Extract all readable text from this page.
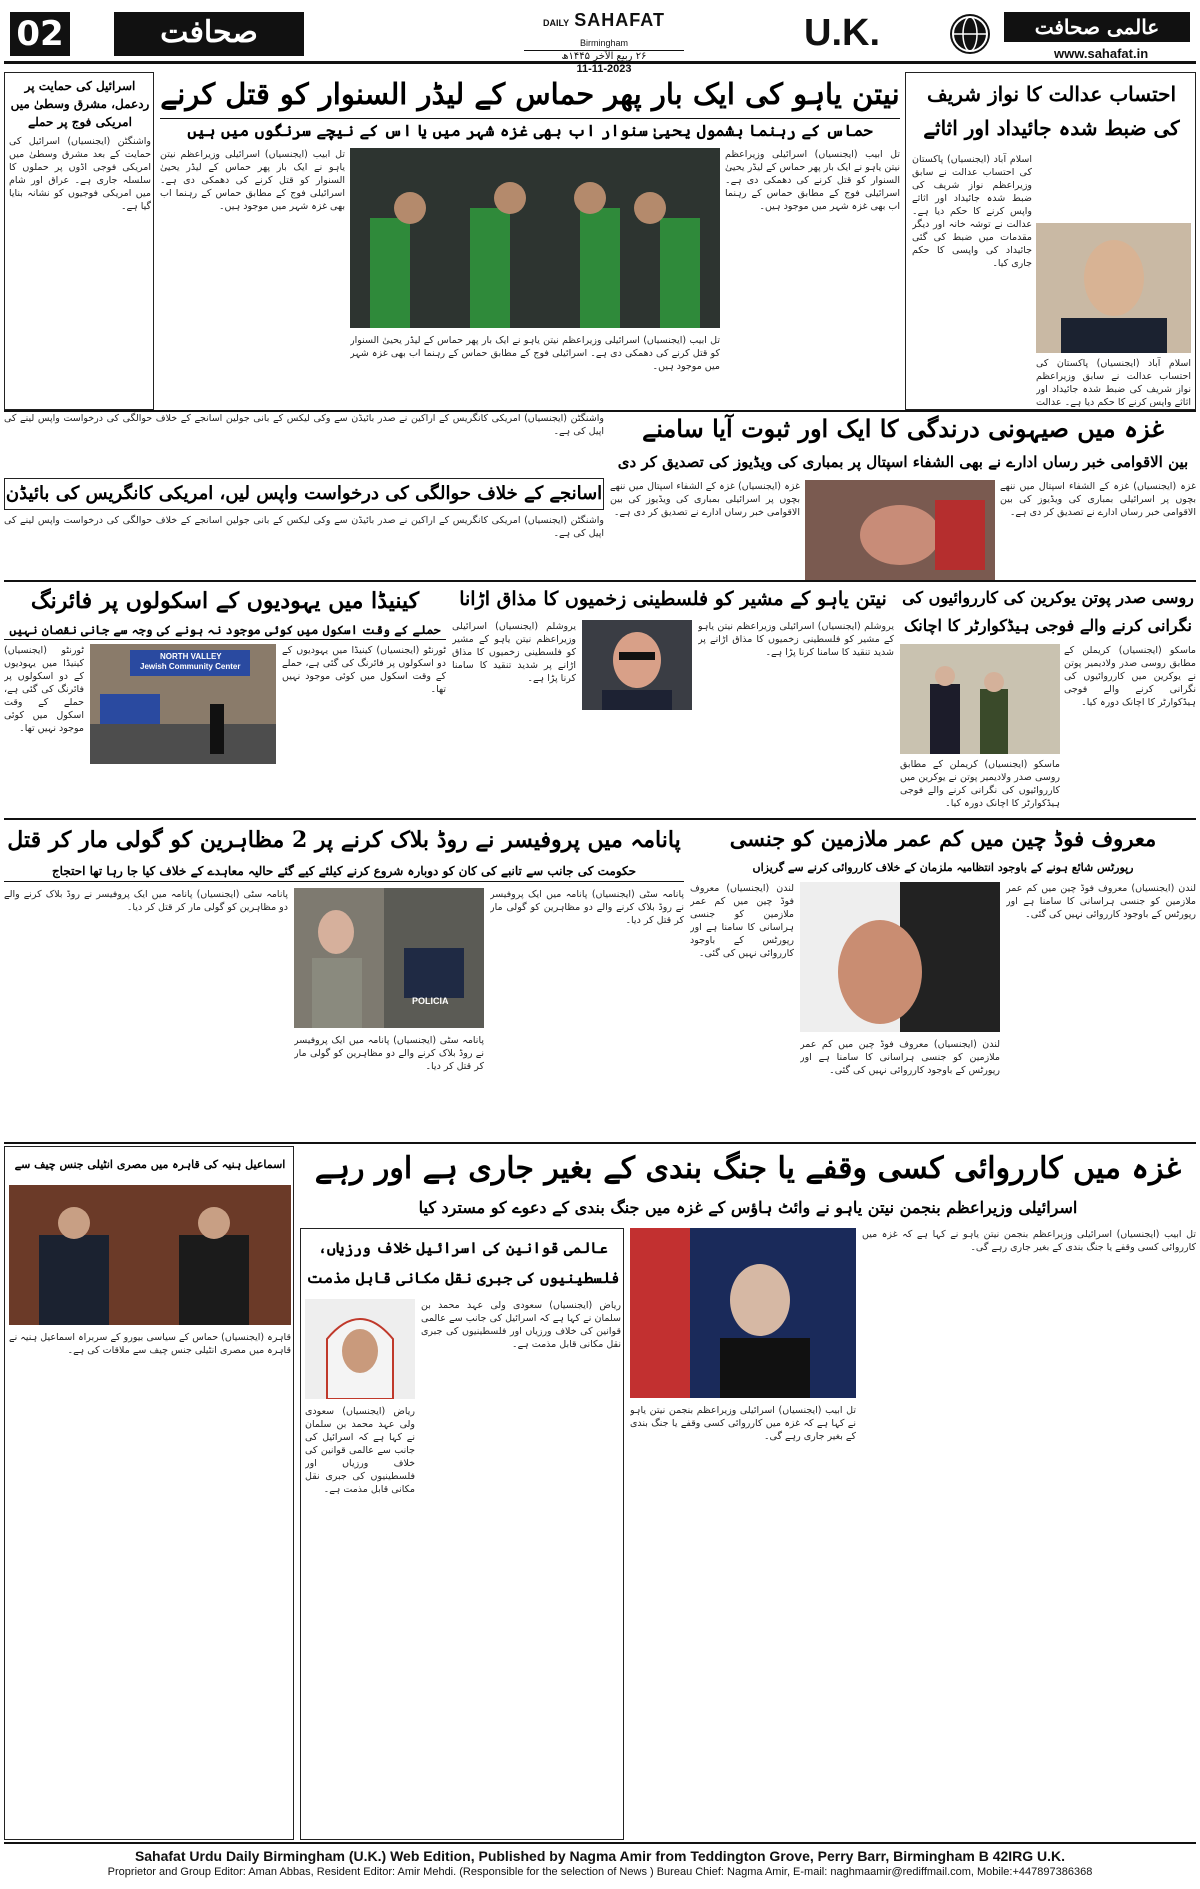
02	صحافت	DAILY SAHAFAT Birmingham
۲۶ ربیع الآخر ۱۴۴۵ھ
11-11-2023
U.K.	عالمی صحافت
www.sahafat.in
احتساب عدالت کا نواز شریف کی ضبط شدہ جائیداد اور اثاثے
اسلام آباد (ایجنسیاں) پاکستان کی احتساب عدالت نے سابق وزیراعظم نواز شریف کی ضبط شدہ جائیداد اور اثاثے واپس کرنے کا حکم دیا ہے۔ عدالت نے توشہ خانہ اور دیگر مقدمات میں ضبط کی گئی جائیداد کی واپسی کا حکم جاری کیا۔
اسلام آباد (ایجنسیاں) پاکستان کی احتساب عدالت نے سابق وزیراعظم نواز شریف کی ضبط شدہ جائیداد اور اثاثے واپس کرنے کا حکم دیا ہے۔ عدالت
نیتن یاہو کی ایک بار پھر حماس کے لیڈر السنوار کو قتل کرنے
حماس کے رہنما بشمول یحییٰ سنوار اب بھی غزہ شہر میں یا اس کے نیچے سرنگوں میں ہیں
تل ابیب (ایجنسیاں) اسرائیلی وزیراعظم نیتن یاہو نے ایک بار پھر حماس کے لیڈر یحییٰ السنوار کو قتل کرنے کی دھمکی دی ہے۔ اسرائیلی فوج کے مطابق حماس کے رہنما اب بھی غزہ شہر میں موجود ہیں۔
تل ابیب (ایجنسیاں) اسرائیلی وزیراعظم نیتن یاہو نے ایک بار پھر حماس کے لیڈر یحییٰ السنوار کو قتل کرنے کی دھمکی دی ہے۔ اسرائیلی فوج کے مطابق حماس کے رہنما اب بھی غزہ شہر میں موجود ہیں۔
تل ابیب (ایجنسیاں) اسرائیلی وزیراعظم نیتن یاہو نے ایک بار پھر حماس کے لیڈر یحییٰ السنوار کو قتل کرنے کی دھمکی دی ہے۔ اسرائیلی فوج کے مطابق حماس کے رہنما اب بھی غزہ شہر میں موجود ہیں۔
اسرائیل کی حمایت پر ردعمل، مشرق وسطیٰ میں امریکی فوج پر حملے
واشنگٹن (ایجنسیاں) اسرائیل کی حمایت کے بعد مشرق وسطیٰ میں امریکی فوجی اڈوں پر حملوں کا سلسلہ جاری ہے۔ عراق اور شام میں امریکی فوجیوں کو نشانہ بنایا گیا ہے۔
غزہ میں صیہونی درندگی کا ایک اور ثبوت آیا سامنے
بین الاقوامی خبر رساں ادارے نے بھی الشفاء اسپتال پر بمباری کی ویڈیوز کی تصدیق کر دی
غزہ (ایجنسیاں) غزہ کے الشفاء اسپتال میں ننھے بچوں پر اسرائیلی بمباری کی ویڈیوز کی بین الاقوامی خبر رساں ادارے نے تصدیق کر دی ہے۔
غزہ (ایجنسیاں) غزہ کے الشفاء اسپتال میں ننھے بچوں پر اسرائیلی بمباری کی ویڈیوز کی بین الاقوامی خبر رساں ادارے نے تصدیق کر دی ہے۔
اسانجے کے خلاف حوالگی کی درخواست واپس لیں، امریکی کانگریس کی بائیڈن
واشنگٹن (ایجنسیاں) امریکی کانگریس کے اراکین نے صدر بائیڈن سے وکی لیکس کے بانی جولین اسانجے کے خلاف حوالگی کی درخواست واپس لینے کی اپیل کی ہے۔
واشنگٹن (ایجنسیاں) امریکی کانگریس کے اراکین نے صدر بائیڈن سے وکی لیکس کے بانی جولین اسانجے کے خلاف حوالگی کی درخواست واپس لینے کی اپیل کی ہے۔
روسی صدر پوتن یوکرین کی کارروائیوں کی نگرانی کرنے والے فوجی ہیڈکوارٹر کا اچانک
ماسکو (ایجنسیاں) کریملن کے مطابق روسی صدر ولادیمیر پوتن نے یوکرین میں کارروائیوں کی نگرانی کرنے والے فوجی ہیڈکوارٹر کا اچانک دورہ کیا۔
ماسکو (ایجنسیاں) کریملن کے مطابق روسی صدر ولادیمیر پوتن نے یوکرین میں کارروائیوں کی نگرانی کرنے والے فوجی ہیڈکوارٹر کا اچانک دورہ کیا۔
نیتن یاہو کے مشیر کو فلسطینی زخمیوں کا مذاق اڑانا
یروشلم (ایجنسیاں) اسرائیلی وزیراعظم نیتن یاہو کے مشیر کو فلسطینی زخمیوں کا مذاق اڑانے پر شدید تنقید کا سامنا کرنا پڑا ہے۔
یروشلم (ایجنسیاں) اسرائیلی وزیراعظم نیتن یاہو کے مشیر کو فلسطینی زخمیوں کا مذاق اڑانے پر شدید تنقید کا سامنا کرنا پڑا ہے۔
کینیڈا میں یہودیوں کے اسکولوں پر فائرنگ
حملے کے وقت اسکول میں کوئی موجود نہ ہونے کی وجہ سے جانی نقصان نہیں
NORTH VALLEY
Jewish Community Center
ٹورنٹو (ایجنسیاں) کینیڈا میں یہودیوں کے دو اسکولوں پر فائرنگ کی گئی ہے، حملے کے وقت اسکول میں کوئی موجود نہیں تھا۔
ٹورنٹو (ایجنسیاں) کینیڈا میں یہودیوں کے دو اسکولوں پر فائرنگ کی گئی ہے، حملے کے وقت اسکول میں کوئی موجود نہیں تھا۔
معروف فوڈ چین میں کم عمر ملازمین کو جنسی
رپورٹس شائع ہونے کے باوجود انتظامیہ ملزمان کے خلاف کارروائی کرنے سے گریزاں
لندن (ایجنسیاں) معروف فوڈ چین میں کم عمر ملازمین کو جنسی ہراسانی کا سامنا ہے اور رپورٹس کے باوجود کارروائی نہیں کی گئی۔
لندن (ایجنسیاں) معروف فوڈ چین میں کم عمر ملازمین کو جنسی ہراسانی کا سامنا ہے اور رپورٹس کے باوجود کارروائی نہیں کی گئی۔
لندن (ایجنسیاں) معروف فوڈ چین میں کم عمر ملازمین کو جنسی ہراسانی کا سامنا ہے اور رپورٹس کے باوجود کارروائی نہیں کی گئی۔
پانامہ میں پروفیسر نے روڈ بلاک کرنے پر 2 مظاہرین کو گولی مار کر قتل
حکومت کی جانب سے تانبے کی کان کو دوبارہ شروع کرنے کیلئے کیے گئے حالیہ معاہدے کے خلاف کیا جا رہا تھا احتجاج
POLICIA
پانامہ سٹی (ایجنسیاں) پانامہ میں ایک پروفیسر نے روڈ بلاک کرنے والے دو مظاہرین کو گولی مار کر قتل کر دیا۔
پانامہ سٹی (ایجنسیاں) پانامہ میں ایک پروفیسر نے روڈ بلاک کرنے والے دو مظاہرین کو گولی مار کر قتل کر دیا۔
پانامہ سٹی (ایجنسیاں) پانامہ میں ایک پروفیسر نے روڈ بلاک کرنے والے دو مظاہرین کو گولی مار کر قتل کر دیا۔
اسماعیل ہنیہ کی قاہرہ میں مصری انٹیلی جنس چیف سے
قاہرہ (ایجنسیاں) حماس کے سیاسی بیورو کے سربراہ اسماعیل ہنیہ نے قاہرہ میں مصری انٹیلی جنس چیف سے ملاقات کی ہے۔
غزہ میں کارروائی کسی وقفے یا جنگ بندی کے بغیر جاری ہے اور رہے
اسرائیلی وزیراعظم بنجمن نیتن یاہو نے وائٹ ہاؤس کے غزہ میں جنگ بندی کے دعوے کو مسترد کیا
تل ابیب (ایجنسیاں) اسرائیلی وزیراعظم بنجمن نیتن یاہو نے کہا ہے کہ غزہ میں کارروائی کسی وقفے یا جنگ بندی کے بغیر جاری رہے گی۔
تل ابیب (ایجنسیاں) اسرائیلی وزیراعظم بنجمن نیتن یاہو نے کہا ہے کہ غزہ میں کارروائی کسی وقفے یا جنگ بندی کے بغیر جاری رہے گی۔
عالمی قوانین کی اسرائیل خلاف ورزیاں، فلسطینیوں کی جبری نقل مکانی قابل مذمت
ریاض (ایجنسیاں) سعودی ولی عہد محمد بن سلمان نے کہا ہے کہ اسرائیل کی جانب سے عالمی قوانین کی خلاف ورزیاں اور فلسطینیوں کی جبری نقل مکانی قابل مذمت ہے۔
ریاض (ایجنسیاں) سعودی ولی عہد محمد بن سلمان نے کہا ہے کہ اسرائیل کی جانب سے عالمی قوانین کی خلاف ورزیاں اور فلسطینیوں کی جبری نقل مکانی قابل مذمت ہے۔
Sahafat Urdu Daily Birmingham (U.K.) Web Edition, Published by Nagma Amir from Teddington Grove, Perry Barr, Birmingham B 42IRG U.K.
Proprietor and Group Editor: Aman Abbas, Resident Editor: Amir Mehdi. (Responsible for the selection of News ) Bureau Chief: Nagma Amir, E-mail: naghmaamir@rediffmail.com, Mobile:+447897386368
